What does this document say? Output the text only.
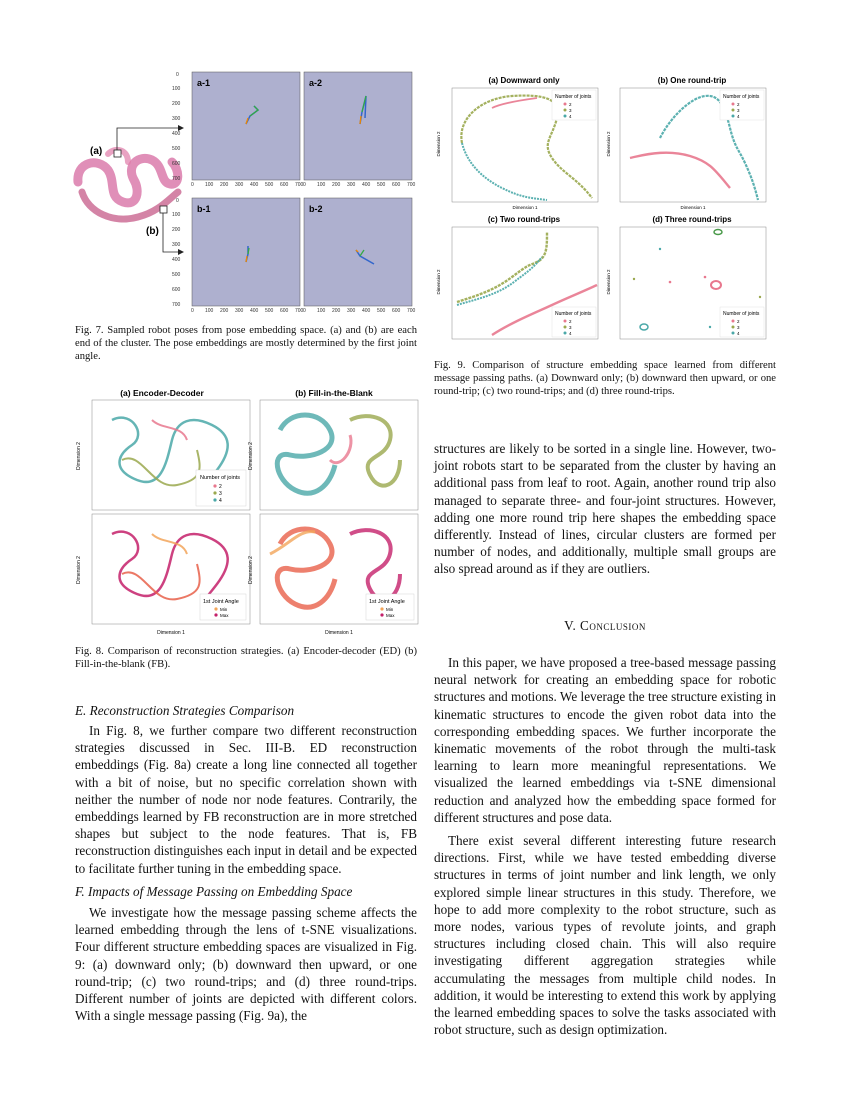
(a)
(b)
a-1	a-2
b-1	b-2
0
100
200
300
400
500
600
700
0
100
200
300
400
500
600
700
0 100 200 300 400 500 600 700 0 100 200 300 400 500 600 700
0 100 200 300 400 500 600 700 0 100 200 300 400 500 600 700
Fig. 7. Sampled robot poses from pose embedding space. (a) and (b) are each end of the cluster. The pose embeddings are mostly determined by the first joint angle.
(a) Encoder-Decoder	(b) Fill-in-the-Blank
Number of joints
2
3
4
1st Joint Angle
Min
Max
1st Joint Angle
Min
Max
Dimension 1	Dimension 1
Dimension 2
Dimension 2
Dimension 2
Dimension 2
Fig. 8. Comparison of reconstruction strategies. (a) Encoder-decoder (ED) (b) Fill-in-the-blank (FB).
E. Reconstruction Strategies Comparison

In Fig. 8, we further compare two different reconstruction strategies discussed in Sec. III-B. ED reconstruction embeddings (Fig. 8a) create a long line connected all together with a bit of noise, but no specific correlation shown with neither the number of node nor node features. Contrarily, the embeddings learned by FB reconstruction are in more stretched shapes but subject to the node features. That is, FB reconstruction distinguishes each input in detail and be expected to facilitate further tuning in the embedding space.

F. Impacts of Message Passing on Embedding Space

We investigate how the message passing scheme affects the learned embedding through the lens of t-SNE visualizations. Four different structure embedding spaces are visualized in Fig. 9: (a) downward only; (b) downward then upward, or one round-trip; (c) two round-trips; and (d) three round-trips. Different number of joints are depicted with different colors. With a single message passing (Fig. 9a), the

(a) Downward only	(b) One round-trip
(c) Two round-trips	(d) Three round-trips
Number of joints
2
3
4
Number of joints
2
3
4
Number of joints
2
3
4
Number of joints
2
3
4
Dimension 1	Dimension 1
Dimension 2	Dimension 2
Dimension 2	Dimension 2
Fig. 9. Comparison of structure embedding space learned from different message passing paths. (a) Downward only; (b) downward then upward, or one round-trip; (c) two round-trips; and (d) three round-trips.

structures are likely to be sorted in a single line. However, two-joint robots start to be separated from the cluster by having an additional pass from leaf to root. Again, another round trip also managed to separate three- and four-joint structures. However, adding one more round trip here shapes the embedding space differently. Instead of lines, circular clusters are formed per number of nodes, and additionally, multiple small groups are also spread around as if they are outliers.

V. Conclusion

In this paper, we have proposed a tree-based message passing neural network for creating an embedding space for robotic structures and motions. We leverage the tree structure existing in kinematic structures to encode the given robot data into the corresponding embedding spaces. We further incorporate the kinematic movements of the robot through the multi-task learning to learn more meaningful representations. We visualized the learned embeddings via t-SNE dimensional reduction and analyzed how the embedding space formed for different structures and pose data.

There exist several different interesting future research directions. First, while we have tested embedding diverse structures in terms of joint number and link length, we only explored simple linear structures in this study. Therefore, we hope to add more complexity to the robot structure, such as more nodes, various types of revolute joints, and graph structures including closed chain. This will also require investigating different aggregation strategies while accumulating the messages from multiple child nodes. In addition, it would be interesting to extend this work by applying the learned embedding spaces to solve the tasks associated with robot structure, such as design optimization.
